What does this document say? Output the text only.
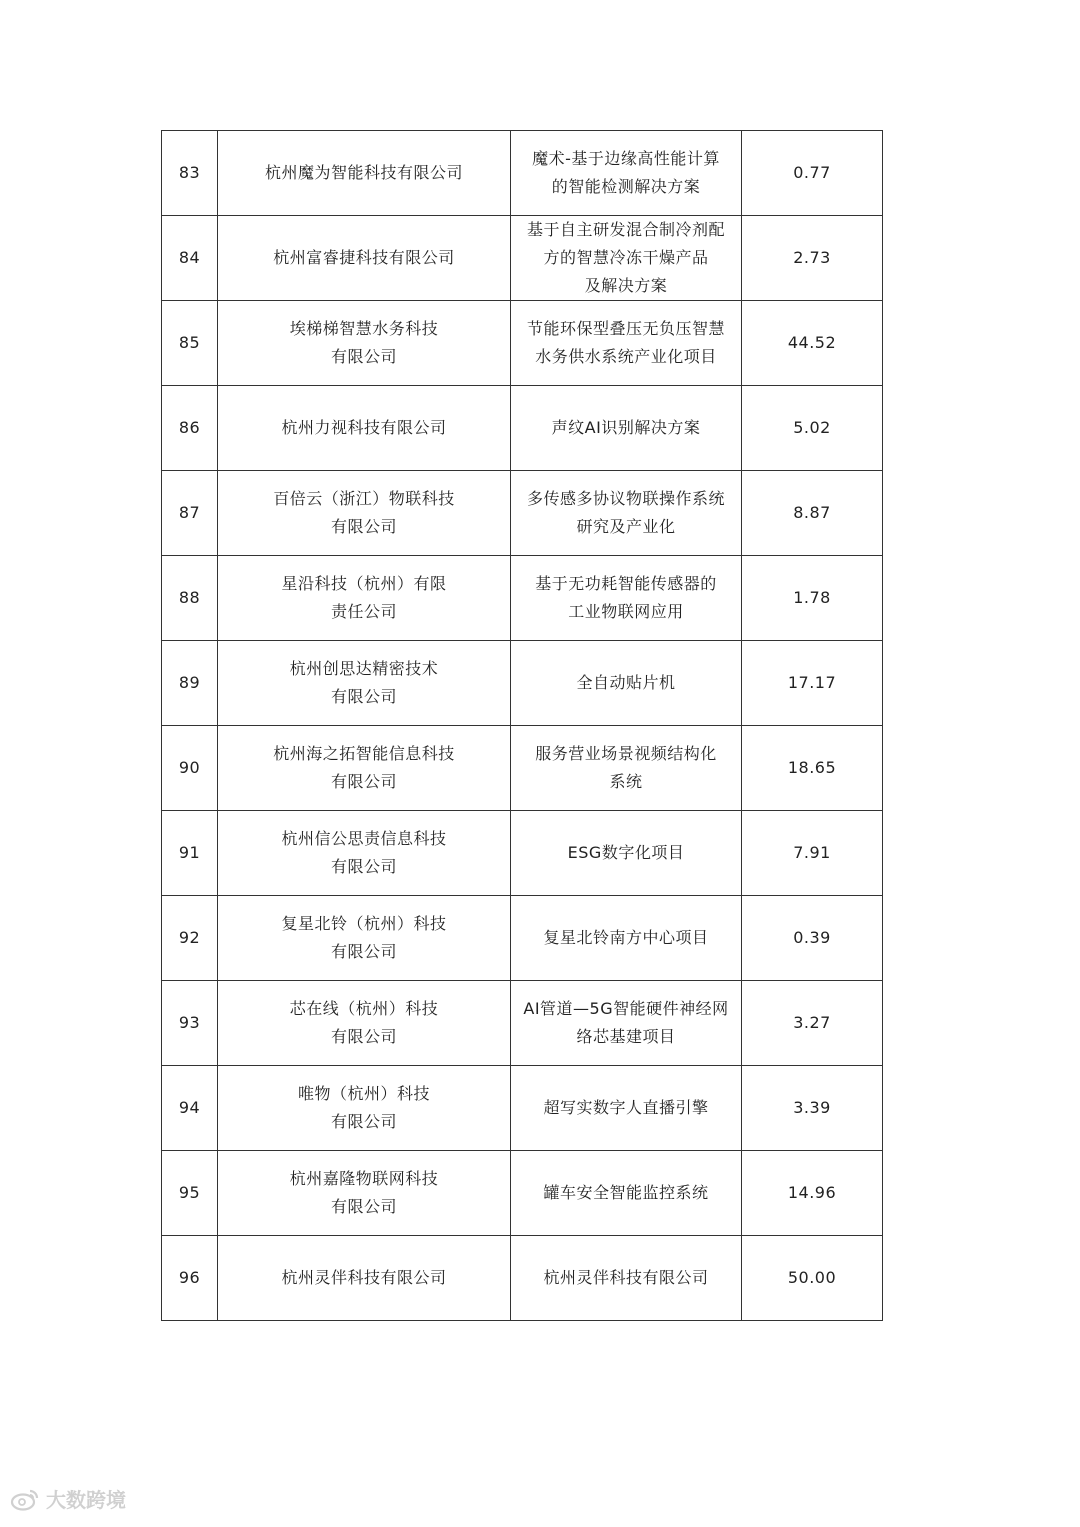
83	杭州魔为智能科技有限公司	魔术-基于边缘高性能计算
的智能检测解决方案	0.77
84	杭州富睿捷科技有限公司	基于自主研发混合制冷剂配
方的智慧冷冻干燥产品
及解决方案	2.73
85	埃梯梯智慧水务科技
有限公司	节能环保型叠压无负压智慧
水务供水系统产业化项目	44.52
86	杭州力视科技有限公司	声纹AI识别解决方案	5.02
87	百倍云（浙江）物联科技
有限公司	多传感多协议物联操作系统
研究及产业化	8.87
88	星沿科技（杭州）有限
责任公司	基于无功耗智能传感器的
工业物联网应用	1.78
89	杭州创思达精密技术
有限公司	全自动贴片机	17.17
90	杭州海之拓智能信息科技
有限公司	服务营业场景视频结构化
系统	18.65
91	杭州信公思责信息科技
有限公司	ESG数字化项目	7.91
92	复星北铃（杭州）科技
有限公司	复星北铃南方中心项目	0.39
93	芯在线（杭州）科技
有限公司	AI管道—5G智能硬件神经网
络芯基建项目	3.27
94	唯物（杭州）科技
有限公司	超写实数字人直播引擎	3.39
95	杭州嘉隆物联网科技
有限公司	罐车安全智能监控系统	14.96
96	杭州灵伴科技有限公司	杭州灵伴科技有限公司	50.00
大数跨境
